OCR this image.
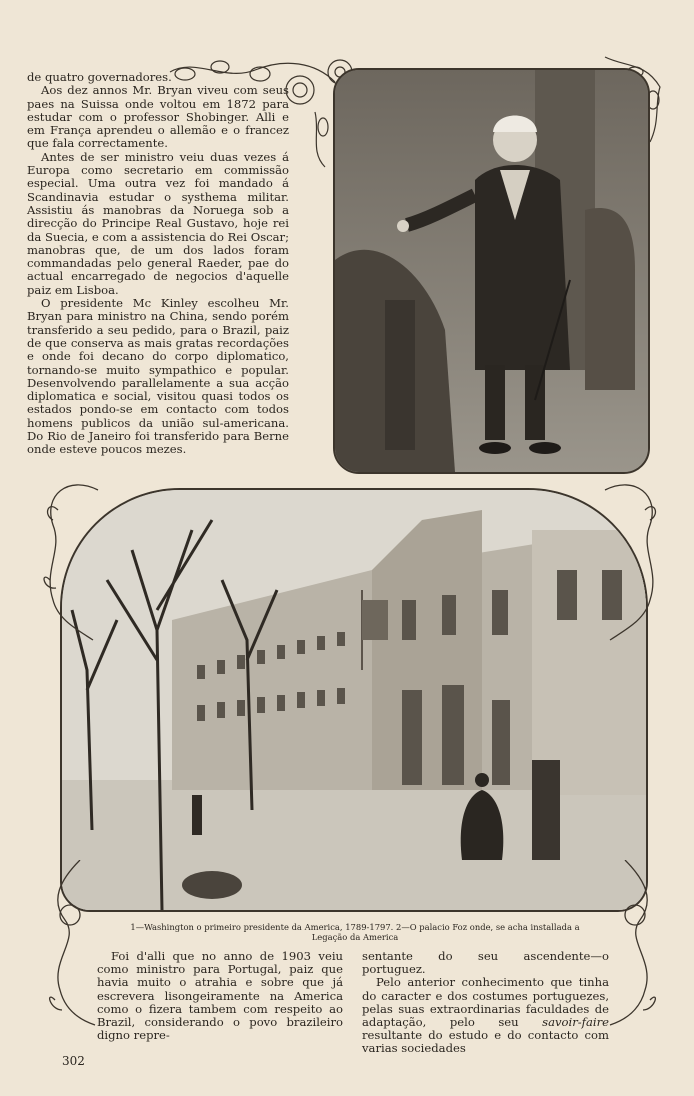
de quatro governadores.

Aos dez annos Mr. Bryan viveu com seus paes na Suissa onde voltou em 1872 para estudar com o professor Shobinger. Alli e em França aprendeu o allemão e o francez que fala correctamente.

Antes de ser ministro veiu duas vezes á Europa como secretario em commissão especial. Uma outra vez foi mandado á Scandinavia estudar o systhema militar. Assistiu ás manobras da Noruega sob a direcção do Principe Real Gustavo, hoje rei da Suecia, e com a assistencia do Rei Oscar; manobras que, de um dos lados foram commandadas pelo general Raeder, pae do actual encarregado de negocios d'aquelle paiz em Lisboa.

O presidente Mc Kinley escolheu Mr. Bryan para ministro na China, sendo porém transferido a seu pedido, para o Brazil, paiz de que conserva as mais gratas recordações e onde foi decano do corpo diplomatico, tornando-se muito sympathico e popular. Desenvolvendo parallelamente a sua acção diplomatica e social, visitou quasi todos os estados pondo-se em contacto com todos homens publicos da união sul-americana. Do Rio de Janeiro foi transferido para Berne onde esteve poucos mezes.

1—Washington o primeiro presidente da America, 1789-1797. 2—O palacio Foz onde, se acha installada a Legação da America

Foi d'alli que no anno de 1903 veiu como ministro para Portugal, paiz que havia muito o atrahia e sobre que já escrevera lisongeiramente na America como o fizera tambem com respeito ao Brazil, considerando o povo brazileiro digno repre-

sentante do seu ascendente—o portuguez.

Pelo anterior conhecimento que tinha do caracter e dos costumes portuguezes, pelas suas extraordinarias faculdades de adaptação, pelo seu savoir-faire resultante do estudo e do contacto com varias sociedades

302
